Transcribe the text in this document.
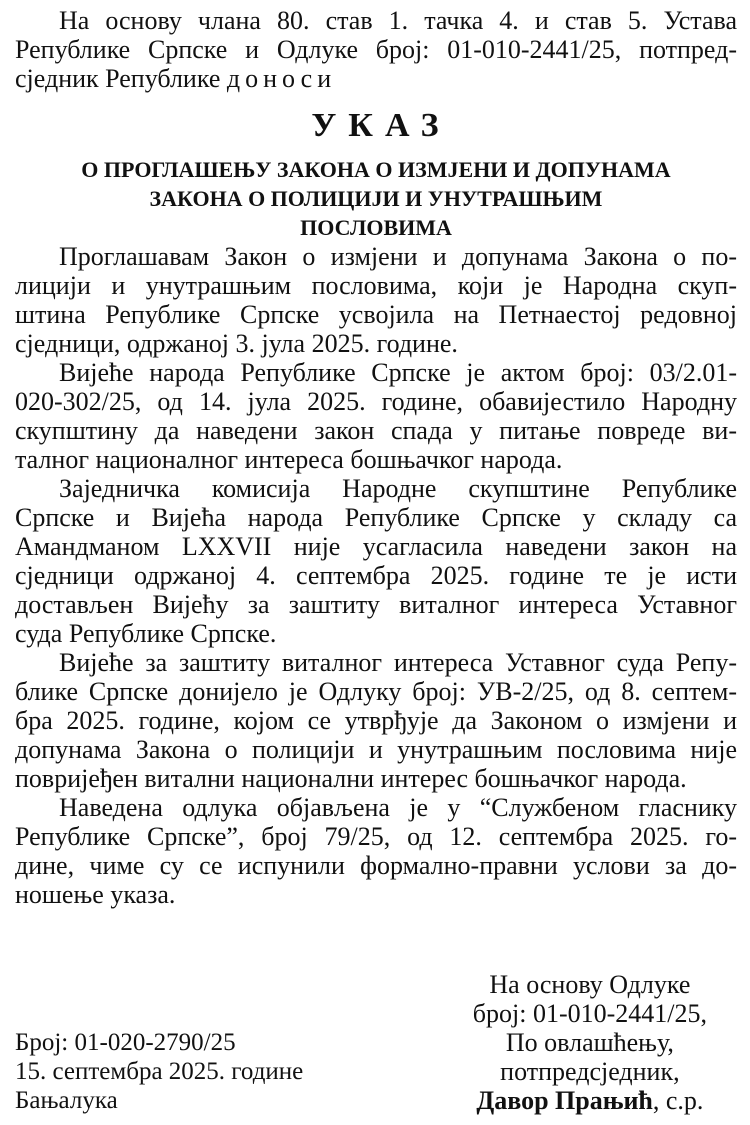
На основу члана 80. став 1. тачка 4. и став 5. Устава
Републике Српске и Одлуке број: 01-010-2441/25, потпред-
сједник Републике доноси
УКАЗ
О ПРОГЛАШЕЊУ ЗАКОНА О ИЗМЈЕНИ И ДОПУНАМА
ЗАКОНА О ПОЛИЦИЈИ И УНУТРАШЊИМ
ПОСЛОВИМА
Проглашавам Закон о измјени и допунама Закона о по-
лицији и унутрашњим пословима, који је Народна скуп-
штина Републике Српске усвојила на Петнаестој редовној
сједници, одржаној 3. јула 2025. године.
Вијеће народа Републике Српске је актом број: 03/2.01-
020-302/25, од 14. јула 2025. године, обавијестило Народну
скупштину да наведени закон спада у питање повреде ви-
талног националног интереса бошњачког народа.
Заједничка комисија Народне скупштине Републике
Српске и Вијећа народа Републике Српске у складу са
Амандманом LXXVII није усагласила наведени закон на
сједници одржаној 4. септембра 2025. године те је исти
достављен Вијећу за заштиту виталног интереса Уставног
суда Републике Српске.
Вијеће за заштиту виталног интереса Уставног суда Репу-
блике Српске донијело је Одлуку број: УВ-2/25, од 8. септем-
бра 2025. године, којом се утврђује да Законом о измјени и
допунама Закона о полицији и унутрашњим пословима није
повријеђен витални национални интерес бошњачког народа.
Наведена одлука објављена је у “Службеном гласнику
Републике Српске”, број 79/25, од 12. септембра 2025. го-
дине, чиме су се испунили формално-правни услови за до-
ношење указа.
Број: 01-020-2790/25
15. септембра 2025. године
Бањалука
На основу Одлуке
број: 01-010-2441/25,
По овлашћењу,
потпредсједник,
Давор Прањић, с.р.
